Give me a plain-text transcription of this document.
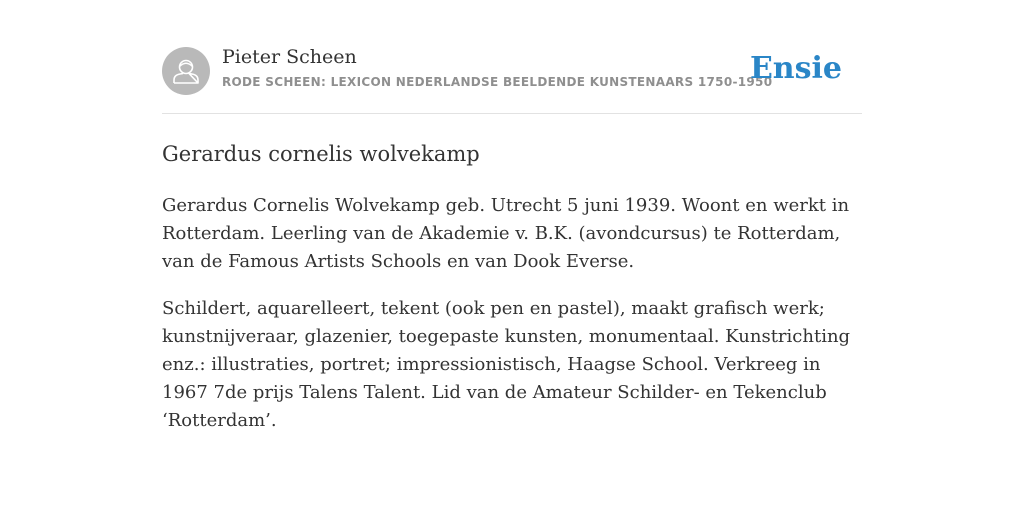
Pieter Scheen
RODE SCHEEN: LEXICON NEDERLANDSE BEELDENDE KUNSTENAARS 1750-1950
Ensie
Gerardus cornelis wolvekamp

Gerardus Cornelis Wolvekamp geb. Utrecht 5 juni 1939. Woont en werkt in Rotterdam. Leerling van de Akademie v. B.K. (avondcursus) te Rotterdam, van de Famous Artists Schools en van Dook Everse.

Schildert, aquarelleert, tekent (ook pen en pastel), maakt grafisch werk; kunstnijveraar, glazenier, toegepaste kunsten, monumentaal. Kunstrichting enz.: illustraties, portret; impressionistisch, Haagse School. Verkreeg in 1967 7de prijs Talens Talent. Lid van de Amateur Schilder- en Tekenclub ‘Rotterdam’.
